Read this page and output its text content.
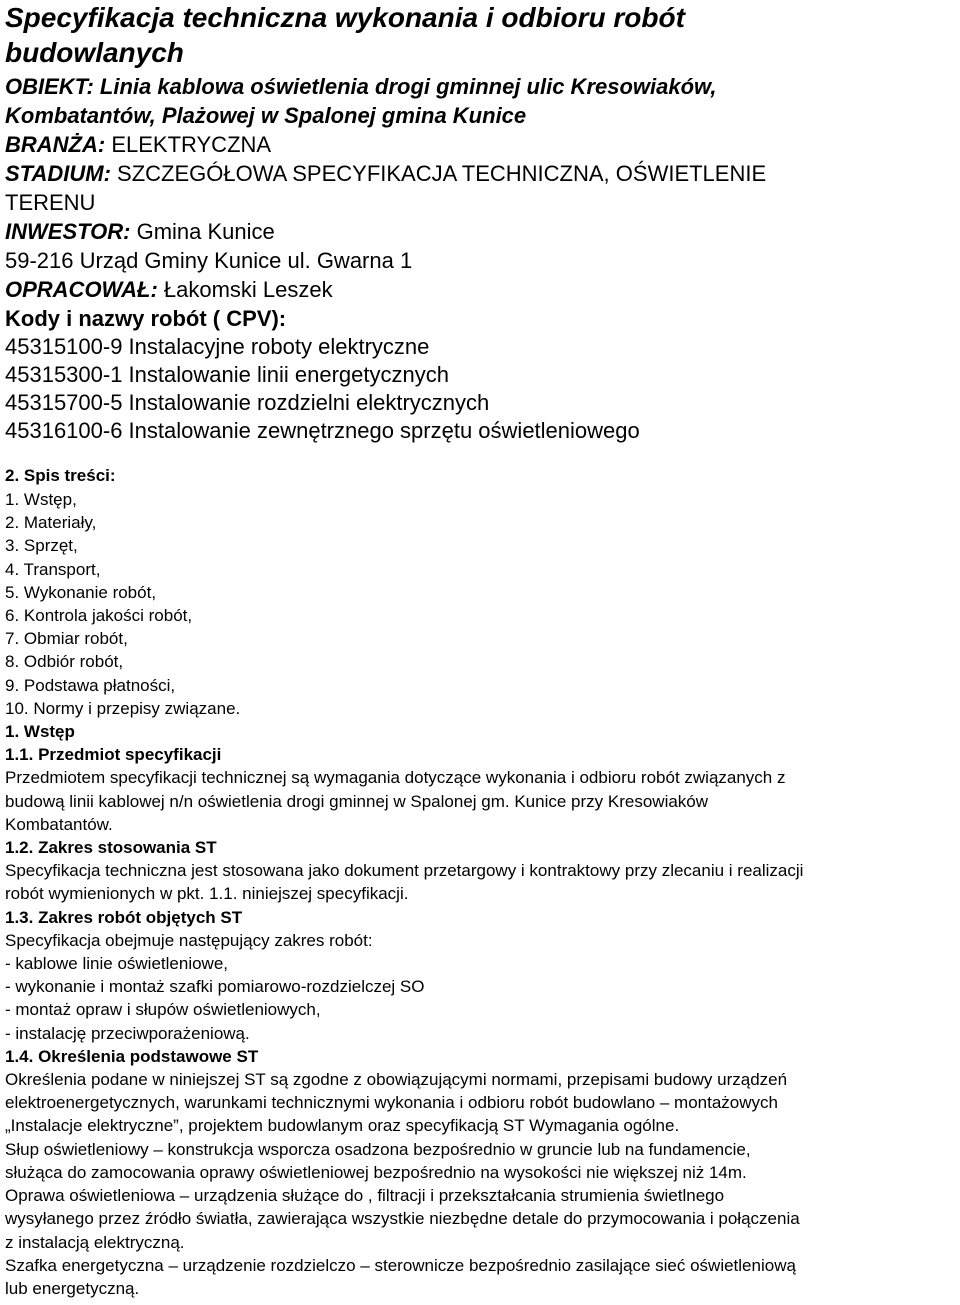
Specyfikacja techniczna wykonania i odbioru robót

budowlanych

OBIEKT: Linia kablowa oświetlenia drogi gminnej ulic Kresowiaków,
Kombatantów, Plażowej w Spalonej gmina Kunice
BRANŻA: ELEKTRYCZNA
STADIUM: SZCZEGÓŁOWA SPECYFIKACJA TECHNICZNA, OŚWIETLENIE
TERENU
INWESTOR: Gmina Kunice
59-216 Urząd Gminy Kunice ul. Gwarna 1
OPRACOWAŁ: Łakomski Leszek
Kody i nazwy robót ( CPV):
45315100-9 Instalacyjne roboty elektryczne
45315300-1 Instalowanie linii energetycznych
45315700-5 Instalowanie rozdzielni elektrycznych
45316100-6 Instalowanie zewnętrznego sprzętu oświetleniowego
2. Spis treści:
1. Wstęp,
2. Materiały,
3. Sprzęt,
4. Transport,
5. Wykonanie robót,
6. Kontrola jakości robót,
7. Obmiar robót,
8. Odbiór robót,
9. Podstawa płatności,
10. Normy i przepisy związane.
1. Wstęp
1.1. Przedmiot specyfikacji
Przedmiotem specyfikacji technicznej są wymagania dotyczące wykonania i odbioru robót związanych z
budową linii kablowej n/n oświetlenia drogi gminnej w Spalonej gm. Kunice przy Kresowiaków
Kombatantów.
1.2. Zakres stosowania ST
Specyfikacja techniczna jest stosowana jako dokument przetargowy i kontraktowy przy zlecaniu i realizacji
robót wymienionych w pkt. 1.1. niniejszej specyfikacji.
1.3. Zakres robót objętych ST
Specyfikacja obejmuje następujący zakres robót:
- kablowe linie oświetleniowe,
- wykonanie i montaż szafki pomiarowo-rozdzielczej SO
- montaż opraw i słupów oświetleniowych,
- instalację przeciwporażeniową.
1.4. Określenia podstawowe ST
Określenia podane w niniejszej ST są zgodne z obowiązującymi normami, przepisami budowy urządzeń
elektroenergetycznych, warunkami technicznymi wykonania i odbioru robót budowlano – montażowych
„Instalacje elektryczne”, projektem budowlanym oraz specyfikacją ST Wymagania ogólne.
Słup oświetleniowy – konstrukcja wsporcza osadzona bezpośrednio w gruncie lub na fundamencie,
służąca do zamocowania oprawy oświetleniowej bezpośrednio na wysokości nie większej niż 14m.
Oprawa oświetleniowa – urządzenia służące do , filtracji i przekształcania strumienia świetlnego
wysyłanego przez źródło światła, zawierająca wszystkie niezbędne detale do przymocowania i połączenia
z instalacją elektryczną.
Szafka energetyczna – urządzenie rozdzielczo – sterownicze bezpośrednio zasilające sieć oświetleniową
lub energetyczną.
